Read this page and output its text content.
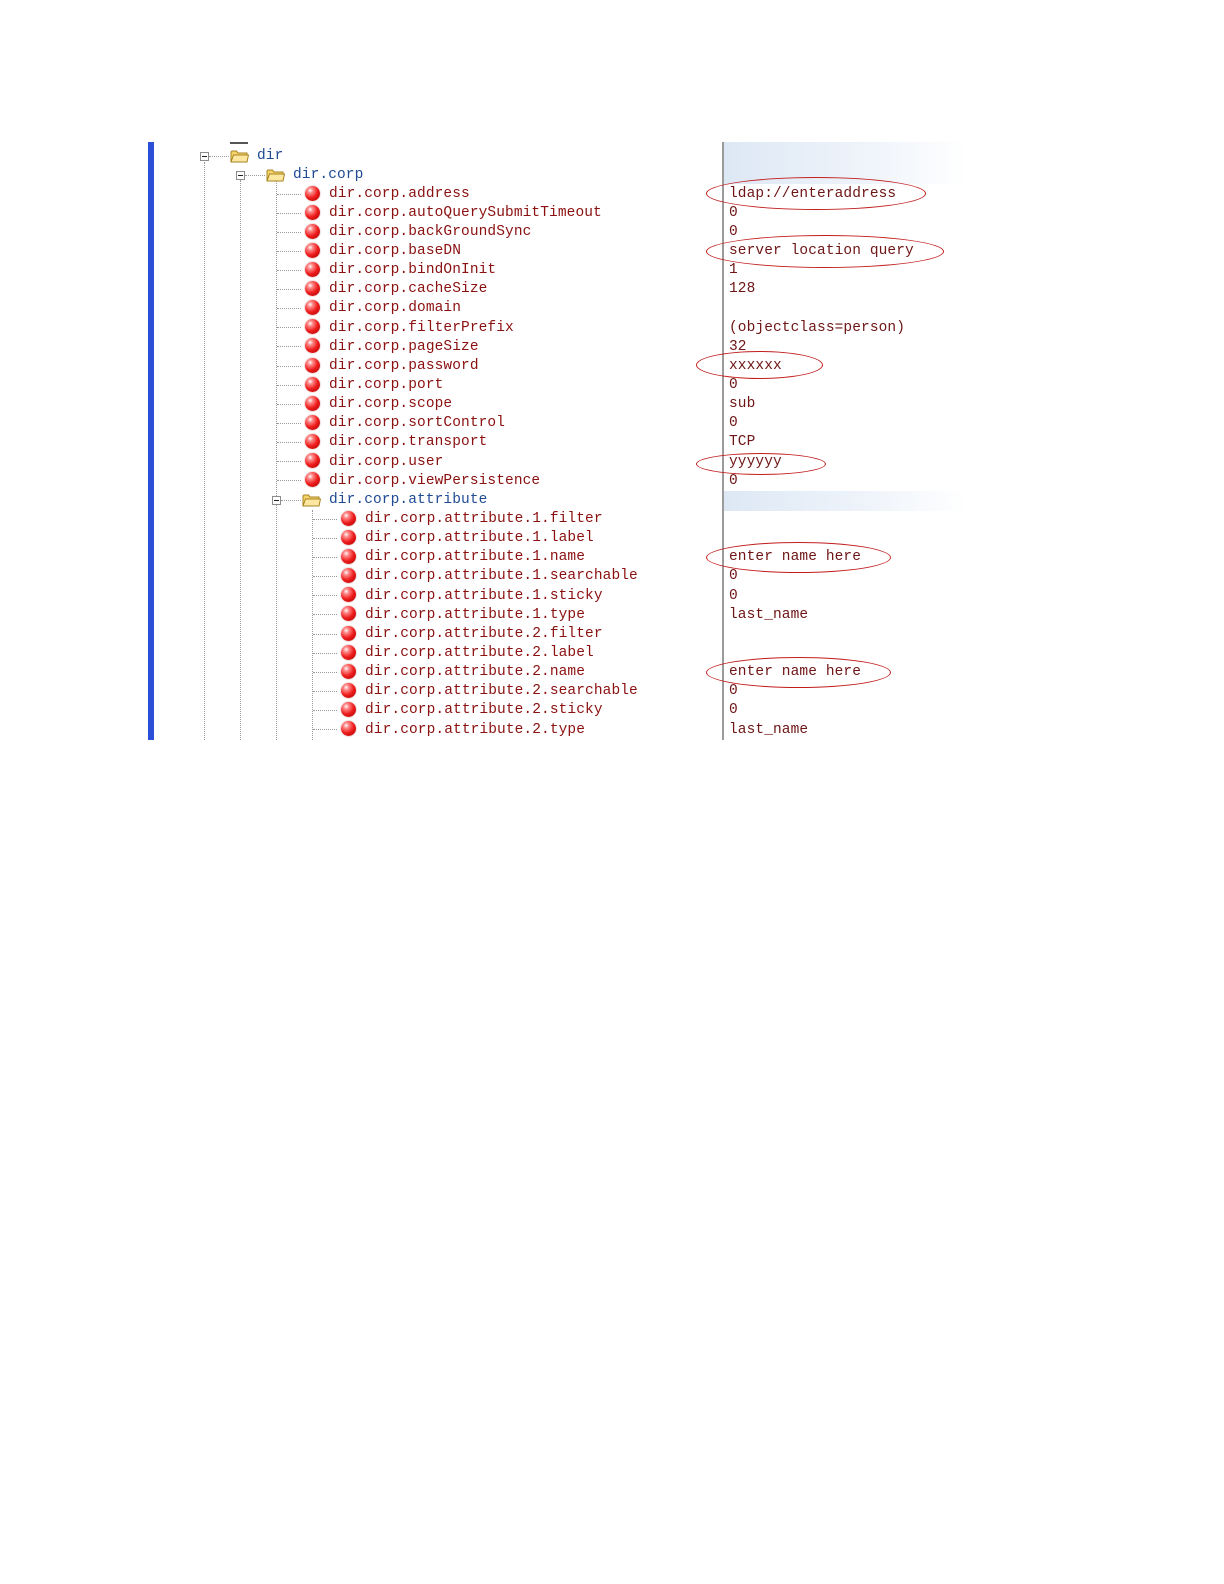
dir
dir.corp
dir.corp.address	ldap://enteraddress
dir.corp.autoQuerySubmitTimeout	0
dir.corp.backGroundSync	0
dir.corp.baseDN	server location query
dir.corp.bindOnInit	1
dir.corp.cacheSize	128
dir.corp.domain
dir.corp.filterPrefix	(objectclass=person)
dir.corp.pageSize	32
dir.corp.password	xxxxxx
dir.corp.port	0
dir.corp.scope	sub
dir.corp.sortControl	0
dir.corp.transport	TCP
dir.corp.user	yyyyyy
dir.corp.viewPersistence	0
dir.corp.attribute
dir.corp.attribute.1.filter
dir.corp.attribute.1.label
dir.corp.attribute.1.name	enter name here
dir.corp.attribute.1.searchable	0
dir.corp.attribute.1.sticky	0
dir.corp.attribute.1.type	last_name
dir.corp.attribute.2.filter
dir.corp.attribute.2.label
dir.corp.attribute.2.name	enter name here
dir.corp.attribute.2.searchable	0
dir.corp.attribute.2.sticky	0
dir.corp.attribute.2.type	last_name
